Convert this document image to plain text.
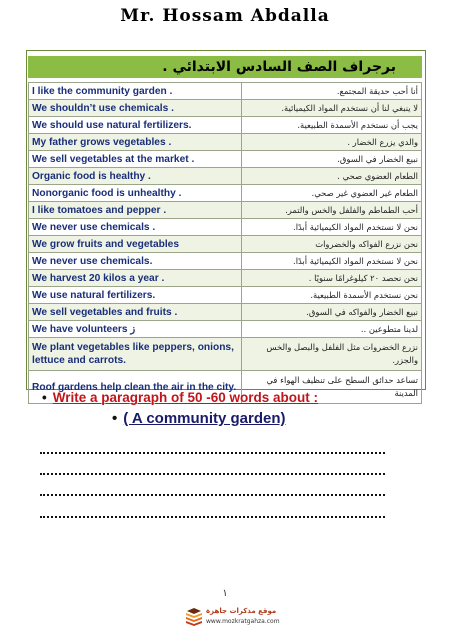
Mr. Hossam Abdalla
برجراف الصف السادس الابتدائي .
I like the community garden .	أنا أحب حديقة المجتمع.
We shouldn’t use chemicals .	لا ينبغي لنا أن نستخدم المواد الكيميائية.
We should use natural fertilizers.	يجب أن نستخدم الأسمدة الطبيعية.
My father grows vegetables .	والدي يزرع الخضار .
We sell vegetables at the market .	نبيع الخضار في السوق.
Organic food is healthy .	الطعام العضوي صحي .
Nonorganic food is unhealthy .	الطعام غير العضوي غير صحي.
I like tomatoes and pepper .	أحب الطماطم والفلفل والخس والتمر.
We never use chemicals .	نحن لا نستخدم المواد الكيميائية أبدًا.
We grow fruits and vegetables	نحن نزرع الفواكه والخضروات
We never use chemicals.	نحن لا نستخدم المواد الكيميائية أبدًا.
We harvest 20 kilos a year .	نحن نحصد ٢٠ كيلوغرامًا سنويًا .
We use natural fertilizers.	نحن نستخدم الأسمدة الطبيعية.
We sell vegetables and fruits .	نبيع الخضار والفواكه في السوق.
We have volunteers ز	لدينا متطوعين ..
We plant vegetables like peppers, onions, lettuce and carrots.	نزرع الخضروات مثل الفلفل والبصل والخس والجزر.
Roof gardens help clean the air in the city.	تساعد حدائق السطح على تنظيف الهواء في المدينة
• Write a paragraph of 50 -60 words about :
• ( A community garden)
١
موقع مذكرات جاهزة
www.mozkratgahza.com
